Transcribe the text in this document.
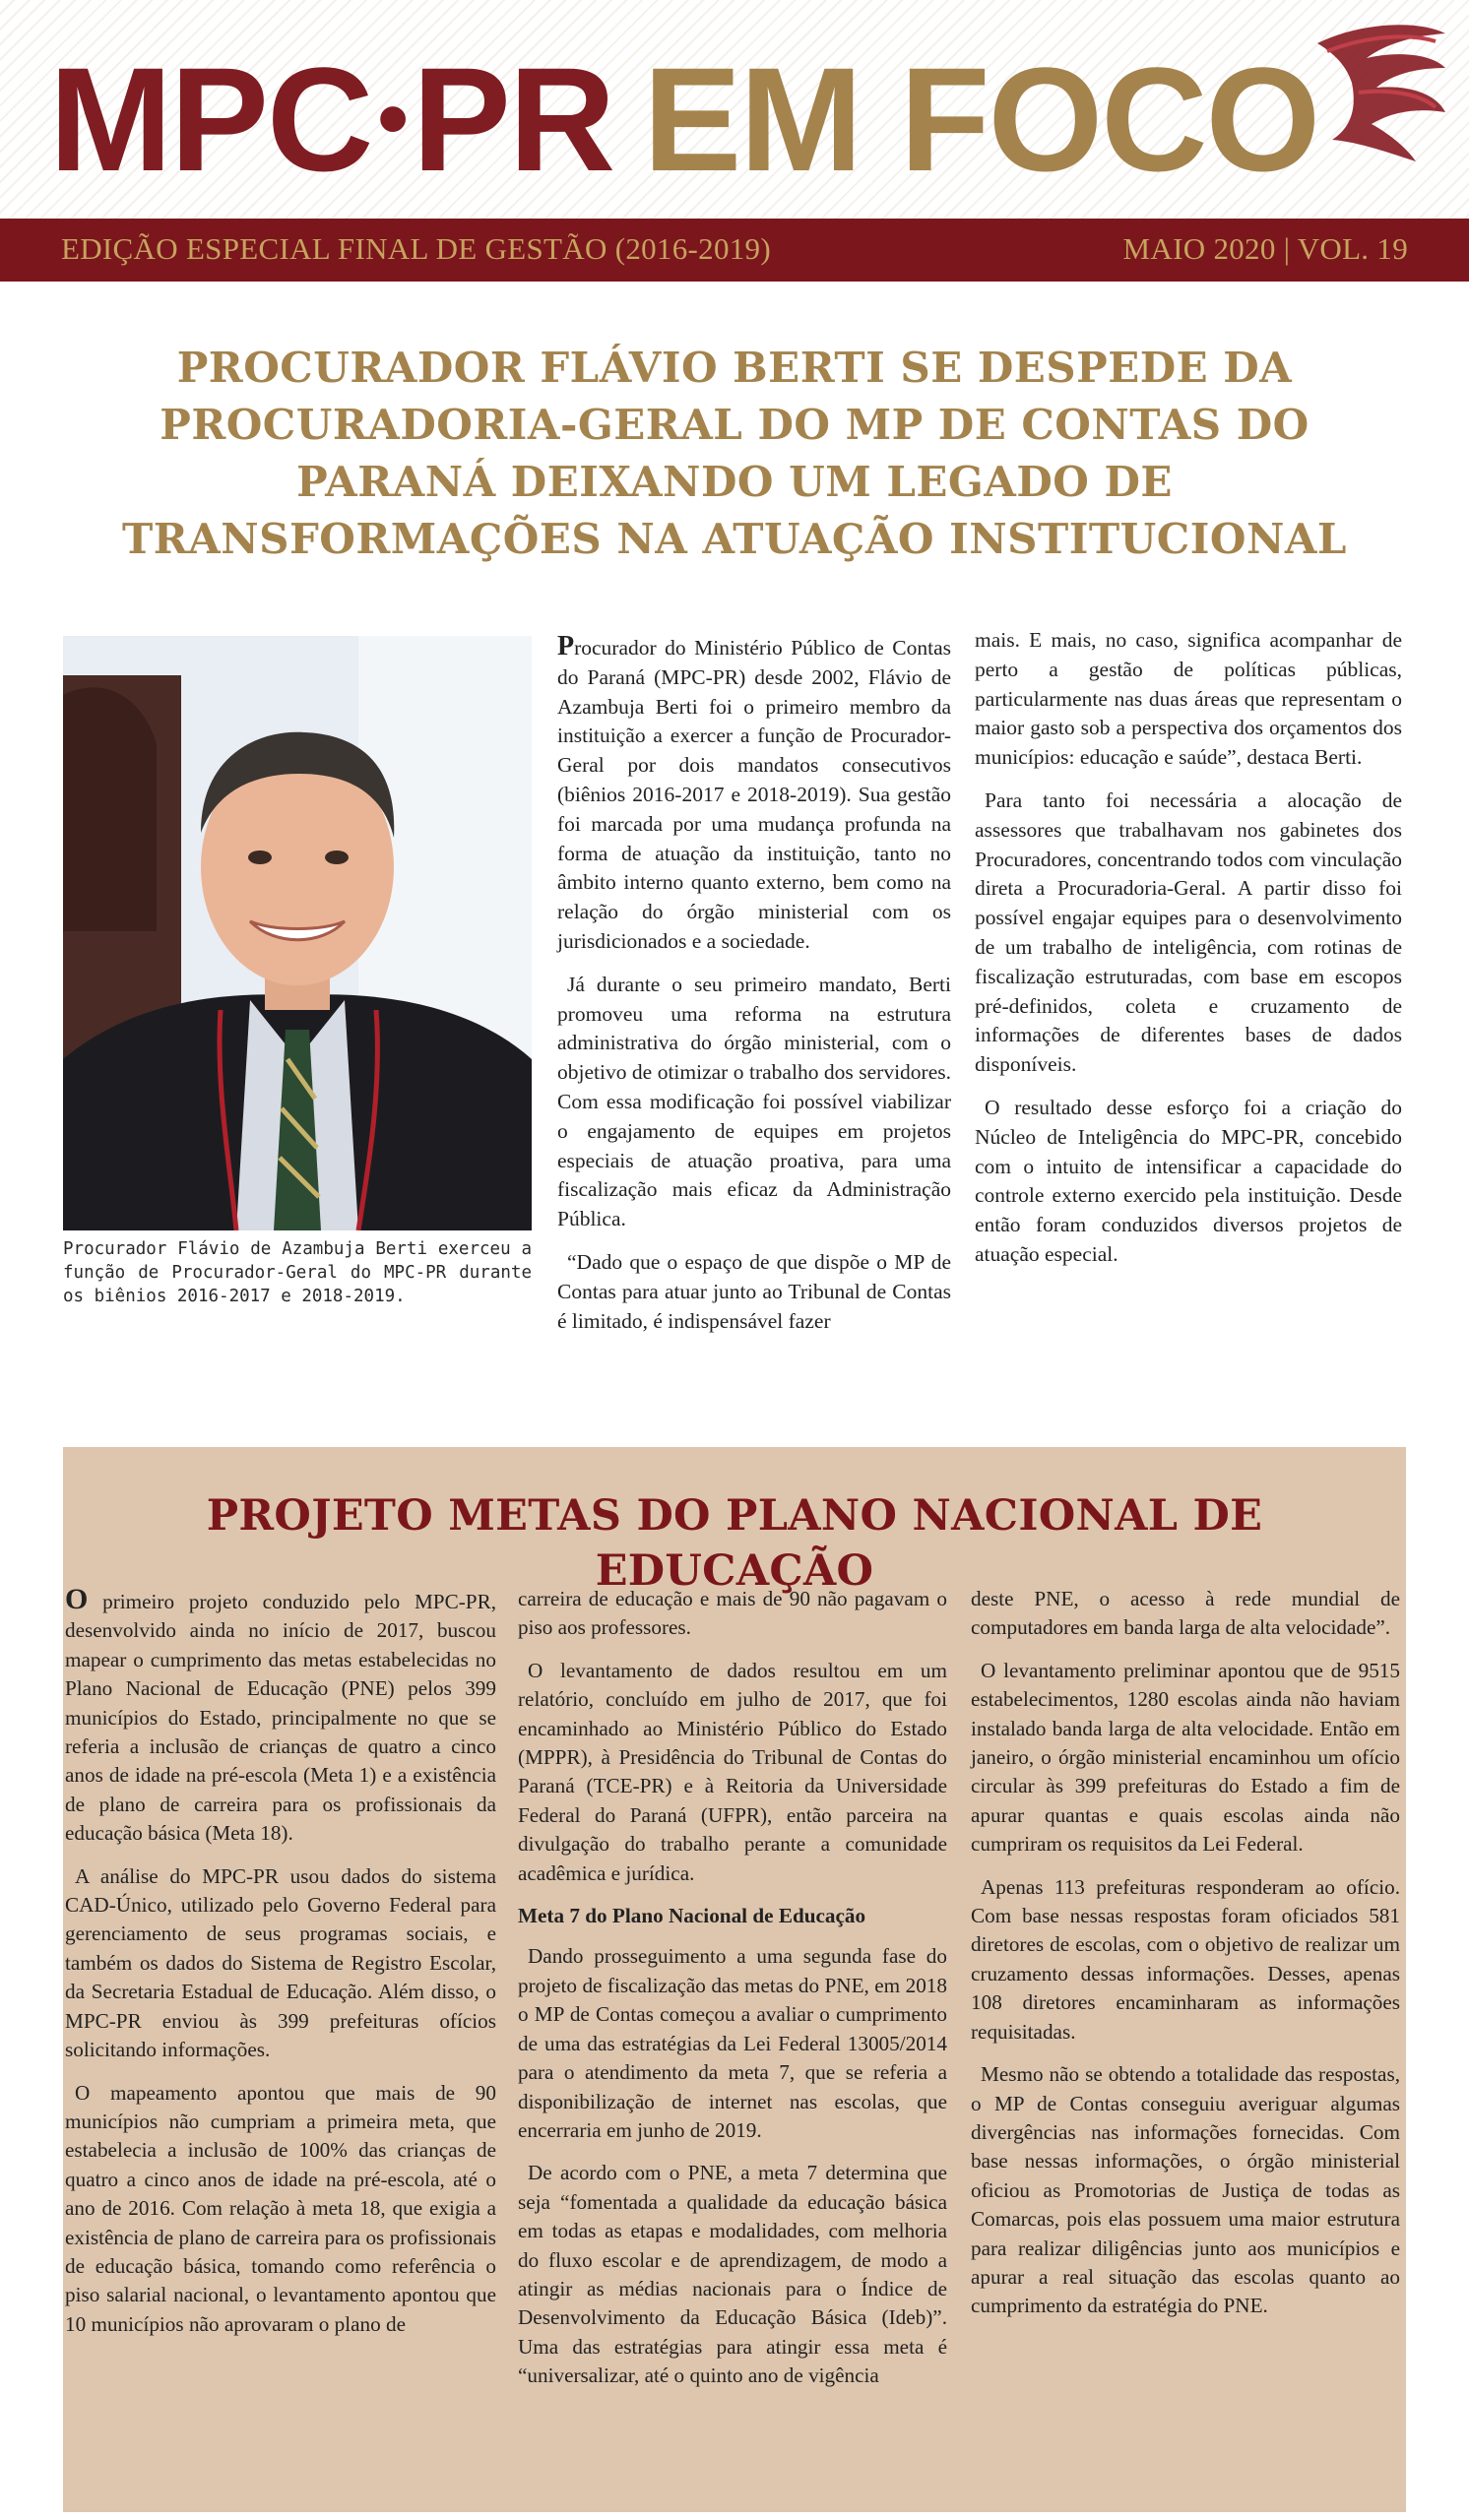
MPC•PR EM FOCO
EDIÇÃO ESPECIAL FINAL DE GESTÃO (2016-2019)	MAIO 2020 | VOL. 19
PROCURADOR FLÁVIO BERTI SE DESPEDE DA PROCURADORIA-GERAL DO MP DE CONTAS DO PARANÁ DEIXANDO UM LEGADO DE TRANSFORMAÇÕES NA ATUAÇÃO INSTITUCIONAL

Procurador Flávio de Azambuja Berti exerceu a função de Procurador-Geral do MPC-PR durante os biênios 2016-2017 e 2018-2019.

Procurador do Ministério Público de Contas do Paraná (MPC-PR) desde 2002, Flávio de Azambuja Berti foi o primeiro membro da instituição a exercer a função de Procurador-Geral por dois mandatos consecutivos (biênios 2016-2017 e 2018-2019). Sua gestão foi marcada por uma mudança profunda na forma de atuação da instituição, tanto no âmbito interno quanto externo, bem como na relação do órgão ministerial com os jurisdicionados e a sociedade.

Já durante o seu primeiro mandato, Berti promoveu uma reforma na estrutura administrativa do órgão ministerial, com o objetivo de otimizar o trabalho dos servidores. Com essa modificação foi possível viabilizar o engajamento de equipes em projetos especiais de atuação proativa, para uma fiscalização mais eficaz da Administração Pública.

“Dado que o espaço de que dispõe o MP de Contas para atuar junto ao Tribunal de Contas é limitado, é indispensável fazer

mais. E mais, no caso, significa acompanhar de perto a gestão de políticas públicas, particularmente nas duas áreas que representam o maior gasto sob a perspectiva dos orçamentos dos municípios: educação e saúde”, destaca Berti.

Para tanto foi necessária a alocação de assessores que trabalhavam nos gabinetes dos Procuradores, concentrando todos com vinculação direta a Procuradoria-Geral. A partir disso foi possível engajar equipes para o desenvolvimento de um trabalho de inteligência, com rotinas de fiscalização estruturadas, com base em escopos pré-definidos, coleta e cruzamento de informações de diferentes bases de dados disponíveis.

O resultado desse esforço foi a criação do Núcleo de Inteligência do MPC-PR, concebido com o intuito de intensificar a capacidade do controle externo exercido pela instituição. Desde então foram conduzidos diversos projetos de atuação especial.

PROJETO METAS DO PLANO NACIONAL DE EDUCAÇÃO

O primeiro projeto conduzido pelo MPC-PR, desenvolvido ainda no início de 2017, buscou mapear o cumprimento das metas estabelecidas no Plano Nacional de Educação (PNE) pelos 399 municípios do Estado, principalmente no que se referia a inclusão de crianças de quatro a cinco anos de idade na pré-escola (Meta 1) e a existência de plano de carreira para os profissionais da educação básica (Meta 18).

A análise do MPC-PR usou dados do sistema CAD-Único, utilizado pelo Governo Federal para gerenciamento de seus programas sociais, e também os dados do Sistema de Registro Escolar, da Secretaria Estadual de Educação. Além disso, o MPC-PR enviou às 399 prefeituras ofícios solicitando informações.

O mapeamento apontou que mais de 90 municípios não cumpriam a primeira meta, que estabelecia a inclusão de 100% das crianças de quatro a cinco anos de idade na pré-escola, até o ano de 2016. Com relação à meta 18, que exigia a existência de plano de carreira para os profissionais de educação básica, tomando como referência o piso salarial nacional, o levantamento apontou que 10 municípios não aprovaram o plano de

carreira de educação e mais de 90 não pagavam o piso aos professores.

O levantamento de dados resultou em um relatório, concluído em julho de 2017, que foi encaminhado ao Ministério Público do Estado (MPPR), à Presidência do Tribunal de Contas do Paraná (TCE-PR) e à Reitoria da Universidade Federal do Paraná (UFPR), então parceira na divulgação do trabalho perante a comunidade acadêmica e jurídica.

Meta 7 do Plano Nacional de Educação

Dando prosseguimento a uma segunda fase do projeto de fiscalização das metas do PNE, em 2018 o MP de Contas começou a avaliar o cumprimento de uma das estratégias da Lei Federal 13005/2014 para o atendimento da meta 7, que se referia a disponibilização de internet nas escolas, que encerraria em junho de 2019.

De acordo com o PNE, a meta 7 determina que seja “fomentada a qualidade da educação básica em todas as etapas e modalidades, com melhoria do fluxo escolar e de aprendizagem, de modo a atingir as médias nacionais para o Índice de Desenvolvimento da Educação Básica (Ideb)”. Uma das estratégias para atingir essa meta é “universalizar, até o quinto ano de vigência

deste PNE, o acesso à rede mundial de computadores em banda larga de alta velocidade”.

O levantamento preliminar apontou que de 9515 estabelecimentos, 1280 escolas ainda não haviam instalado banda larga de alta velocidade. Então em janeiro, o órgão ministerial encaminhou um ofício circular às 399 prefeituras do Estado a fim de apurar quantas e quais escolas ainda não cumpriram os requisitos da Lei Federal.

Apenas 113 prefeituras responderam ao ofício. Com base nessas respostas foram oficiados 581 diretores de escolas, com o objetivo de realizar um cruzamento dessas informações. Desses, apenas 108 diretores encaminharam as informações requisitadas.

Mesmo não se obtendo a totalidade das respostas, o MP de Contas conseguiu averiguar algumas divergências nas informações fornecidas. Com base nessas informações, o órgão ministerial oficiou as Promotorias de Justiça de todas as Comarcas, pois elas possuem uma maior estrutura para realizar diligências junto aos municípios e apurar a real situação das escolas quanto ao cumprimento da estratégia do PNE.
